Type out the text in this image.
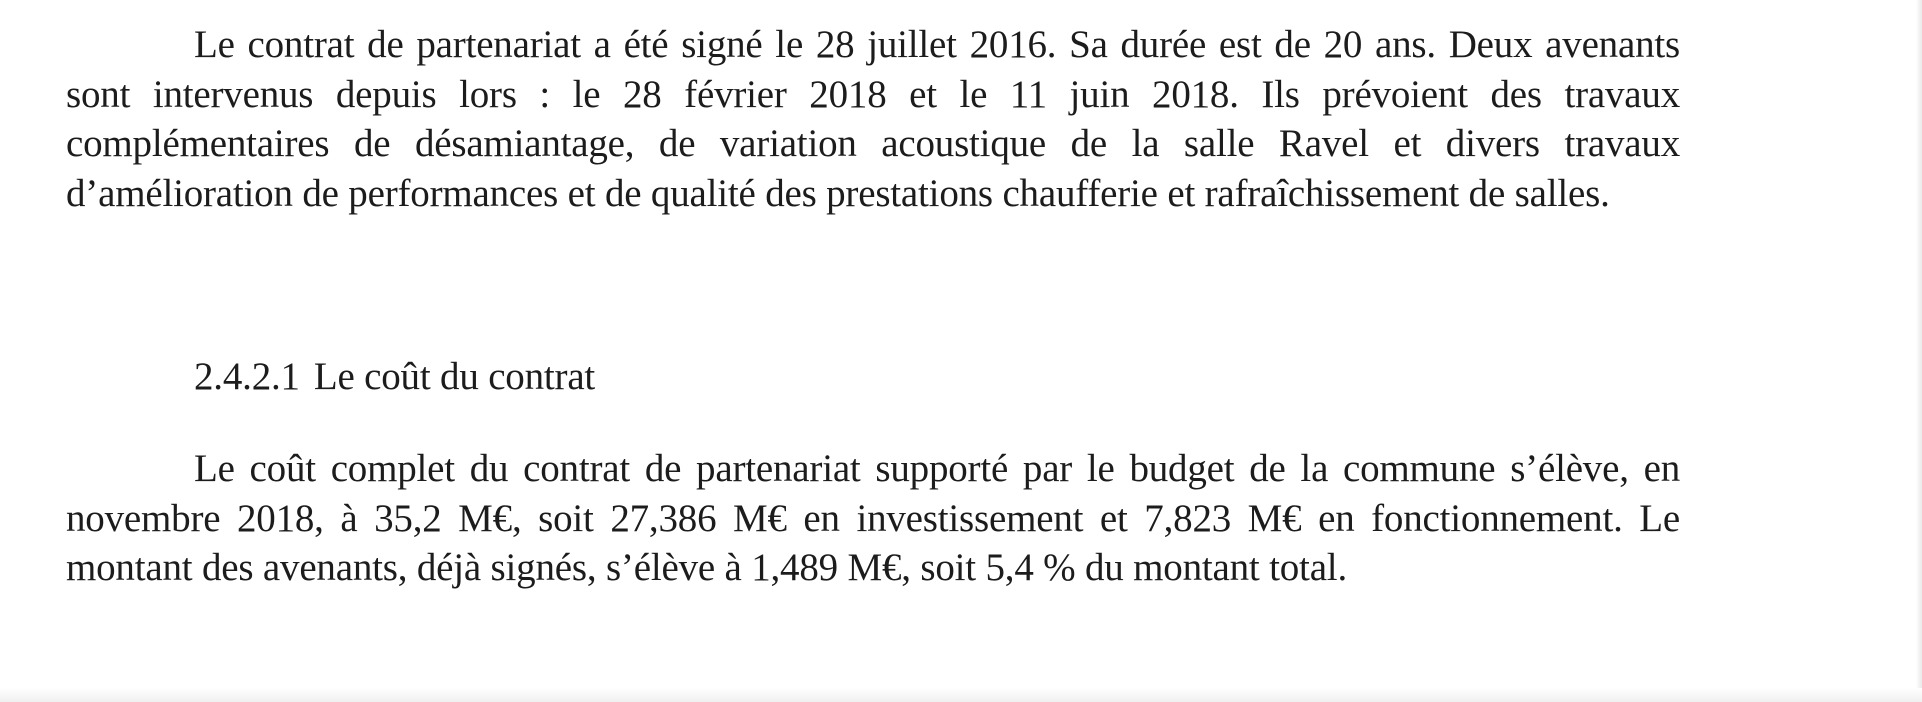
Le contrat de partenariat a été signé le 28 juillet 2016. Sa durée est de 20 ans. Deux avenants sont intervenus depuis lors : le 28 février 2018 et le 11 juin 2018. Ils prévoient des travaux complémentaires de désamiantage, de variation acoustique de la salle Ravel et divers travaux d’amélioration de performances et de qualité des prestations chaufferie et rafraîchissement de salles.

2.4.2.1 Le coût du contrat

Le coût complet du contrat de partenariat supporté par le budget de la commune s’élève, en novembre 2018, à 35,2 M€, soit 27,386 M€ en investissement et 7,823 M€ en fonctionnement. Le montant des avenants, déjà signés, s’élève à 1,489 M€, soit 5,4 % du montant total.
